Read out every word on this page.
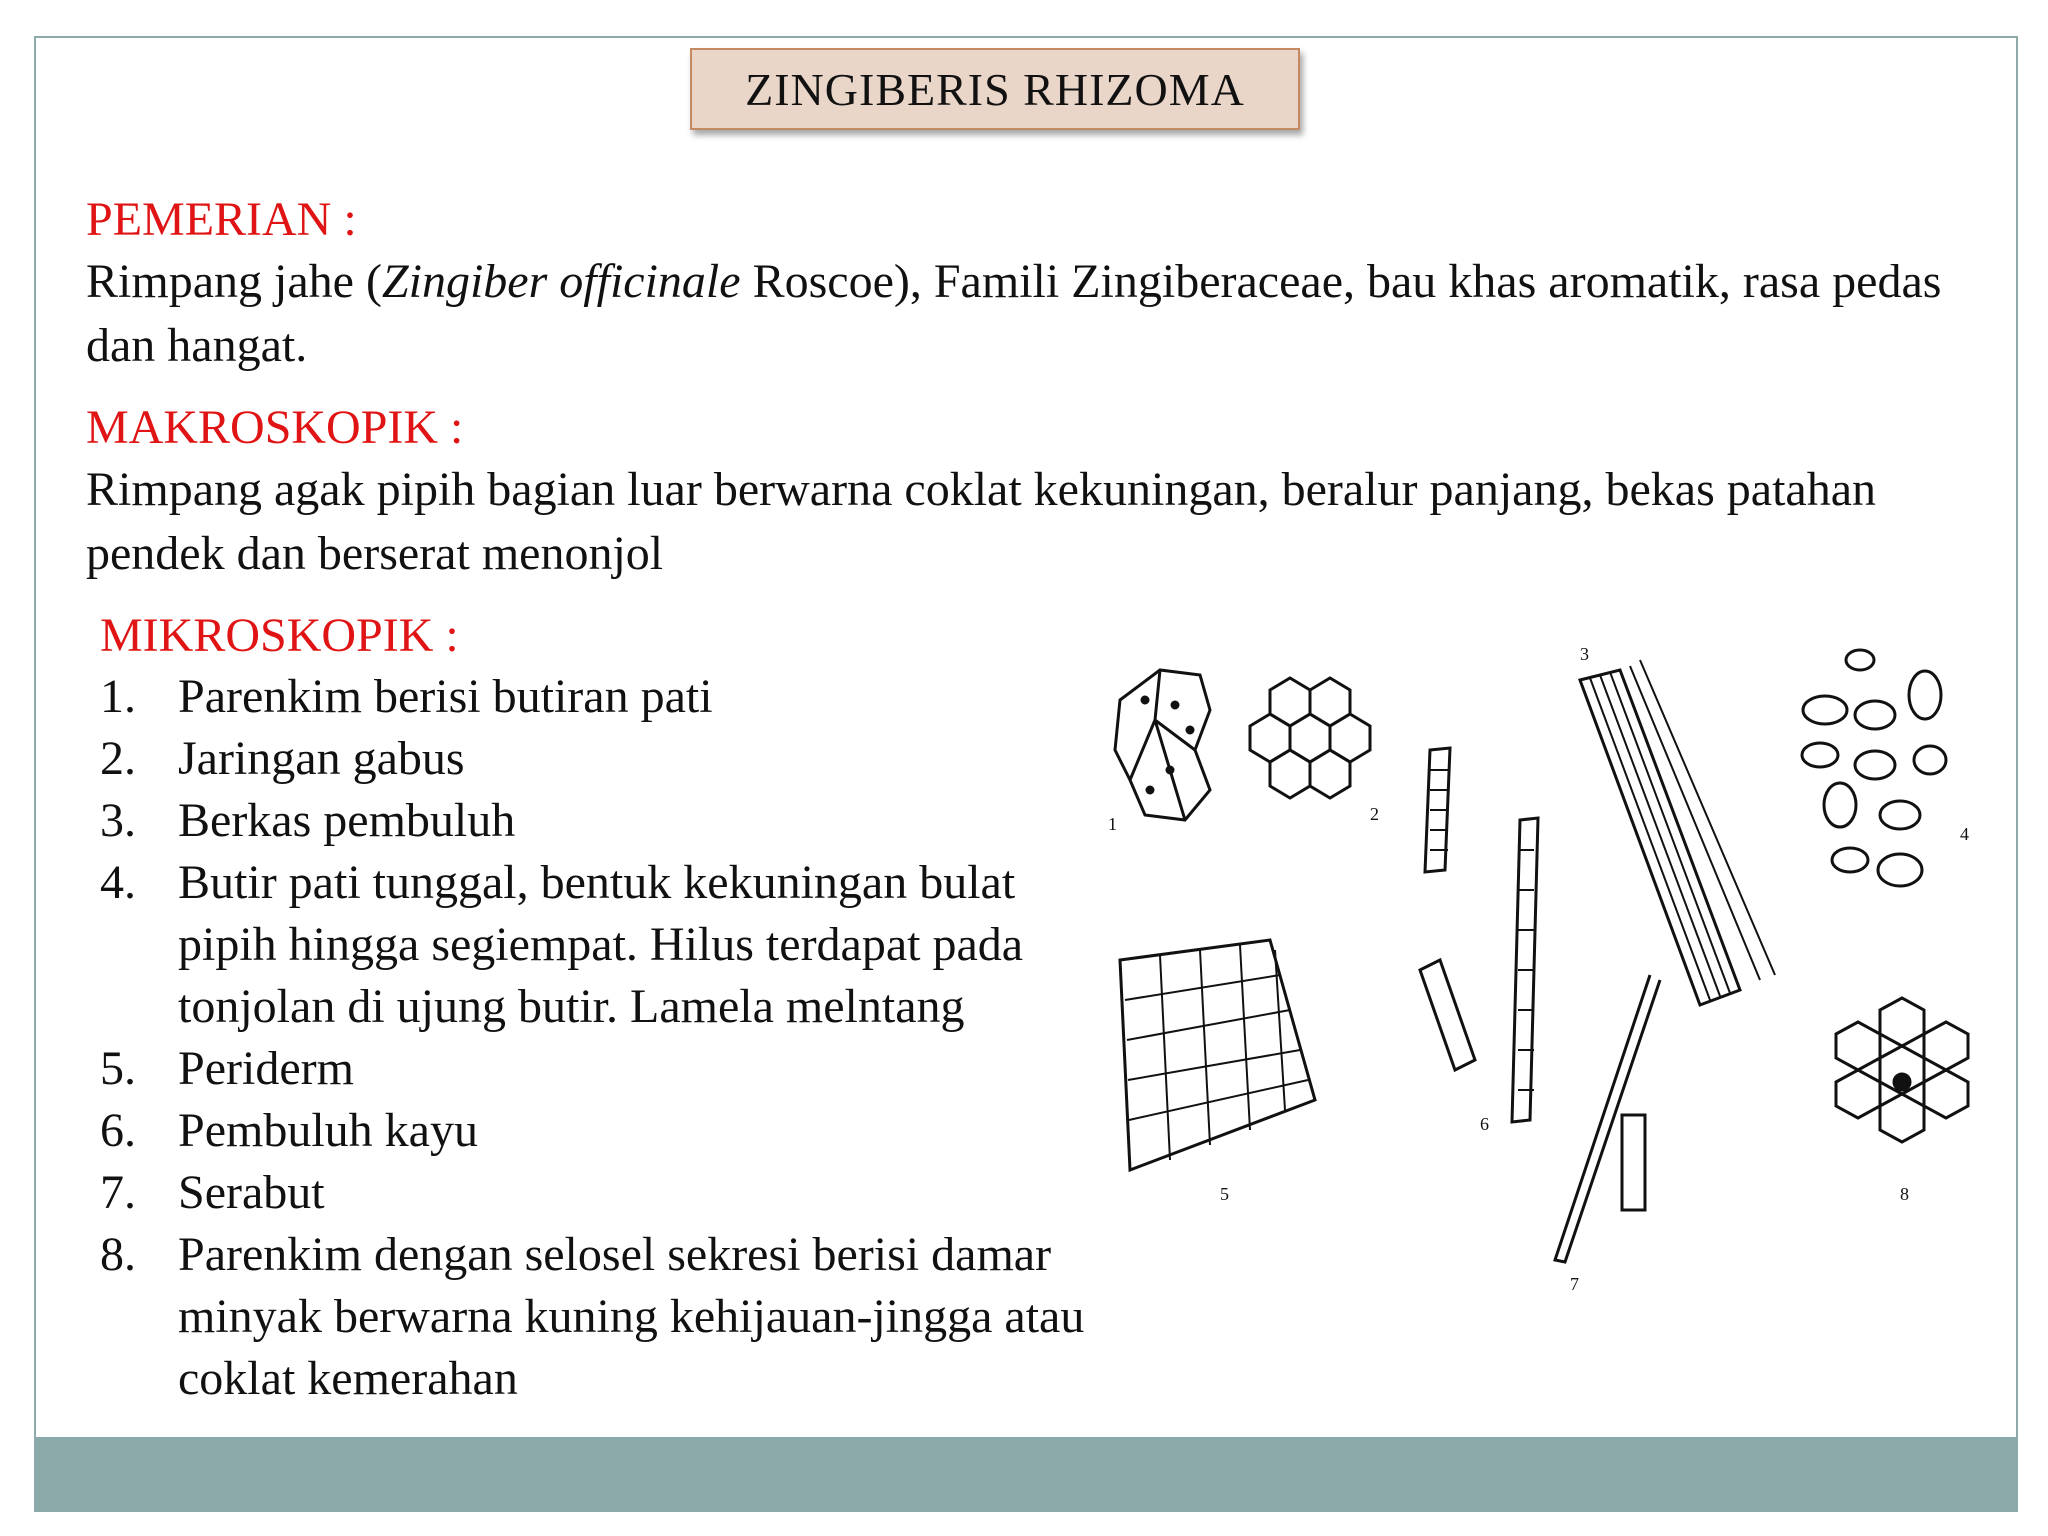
ZINGIBERIS RHIZOMA

PEMERIAN :

Rimpang jahe (Zingiber officinale Roscoe), Famili Zingiberaceae, bau khas aromatik, rasa pedas dan hangat.

MAKROSKOPIK :

Rimpang agak pipih bagian luar berwarna coklat kekuningan, beralur panjang, bekas patahan pendek dan berserat menonjol

MIKROSKOPIK :

1. Parenkim berisi butiran pati
2. Jaringan gabus
3. Berkas pembuluh
4. Butir pati tunggal, bentuk kekuningan bulat pipih hingga segiempat. Hilus terdapat pada tonjolan di ujung butir. Lamela melntang
5. Periderm
6. Pembuluh kayu
7. Serabut
8. Parenkim dengan selosel sekresi berisi damar minyak berwarna kuning kehijauan-jingga atau coklat kemerahan
1	2
3
4
5
6
7
8
